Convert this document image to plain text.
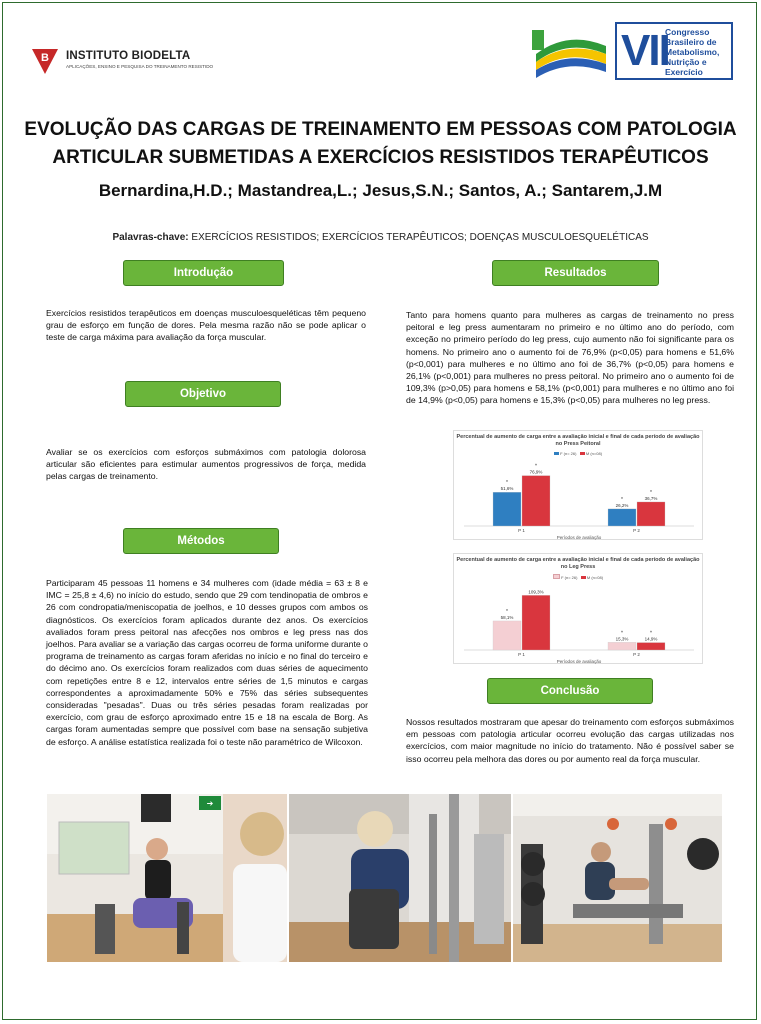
B INSTITUTO BIODELTA
APLICAÇÕES, ENSINO E PESQUISA DO TREINAMENTO RESISTIDO	VII
Congresso
Brasileiro de
Metabolismo,
Nutrição e
Exercício
EVOLUÇÃO DAS CARGAS DE TREINAMENTO EM PESSOAS COM PATOLOGIA ARTICULAR SUBMETIDAS A EXERCÍCIOS RESISTIDOS TERAPÊUTICOS
Bernardina,H.D.; Mastandrea,L.; Jesus,S.N.; Santos, A.; Santarem,J.M
Palavras-chave: EXERCÍCIOS RESISTIDOS; EXERCÍCIOS TERAPÊUTICOS; DOENÇAS MUSCULOESQUELÉTICAS
Introdução
Exercícios resistidos terapêuticos em doenças musculoesqueléticas têm pequeno grau de esforço em função de dores. Pela mesma razão não se pode aplicar o teste de carga máxima para avaliação da força muscular.
Objetivo
Avaliar se os exercícios com esforços submáximos com patologia dolorosa articular são eficientes para estimular aumentos progressivos de força, medida pelas cargas de treinamento.
Métodos
Participaram 45 pessoas 11 homens e 34 mulheres com (idade média = 63 ± 8 e IMC = 25,8 ± 4,6) no início do estudo, sendo que 29 com tendinopatia de ombros e 26 com condropatia/meniscopatia de joelhos, e 10 desses grupos com ambos os diagnósticos. Os exercícios foram aplicados durante dez anos. Os exercícios avaliados foram press peitoral nas afecções nos ombros e leg press nas dos joelhos. Para avaliar se a variação das cargas ocorreu de forma uniforme durante o programa de treinamento as cargas foram aferidas no início e no final do terceiro e do décimo ano. Os exercícios foram realizados com duas séries de aquecimento com repetições entre 8 e 12, intervalos entre séries de 1,5 minutos e cargas correspondentes a aproximadamente 50% e 75% das séries subsequentes consideradas "pesadas". Duas ou três séries pesadas foram realizadas por exercício, com grau de esforço aproximado entre 15 e 18 na escala de Borg. As cargas foram aumentadas sempre que possível com base na sensação subjetiva de esforço. A análise estatística realizada foi o teste não paramétrico de Wilcoxon.
Resultados
Tanto para homens quanto para mulheres as cargas de treinamento no press peitoral e leg press aumentaram no primeiro e no último ano do período, com exceção no primeiro período do leg press, cujo aumento não foi significante para os homens. No primeiro ano o aumento foi de 76,9% (p<0,05) para homens e 51,6% (p<0,001) para mulheres e no último ano foi de 36,7% (p<0,05) para homens e 26,1% (p<0,001) para mulheres no press peitoral. No primeiro ano o aumento foi de 109,3% (p>0,05) para homens e 58,1% (p<0,001) para mulheres e no último ano foi de 14,9% (p<0,05) para homens e 15,3% (p<0,05) para mulheres no leg press.
Percentual de aumento de carga entre a avaliação inicial e final de cada período de avaliação no Press Peitoral
F (n= 26) M (n=08)
51,6%
*
76,9%
*
P 1
26,2%
*	36,7%
*
P 2
Períodos de avaliação
Percentual de aumento de carga entre a avaliação inicial e final de cada período de avaliação no Leg Press
F (n= 26) M (n=08)
58,1%
*
109,3%
P 1
15,3%
*
14,9%
*
P 2
Períodos de avaliação
Conclusão
Nossos resultados mostraram que apesar do treinamento com esforços submáximos em pessoas com patologia articular ocorreu evolução das cargas utilizadas nos exercícios, com maior magnitude no início do tratamento. Não é possível saber se isso ocorreu pela melhora das dores ou por aumento real da força muscular.
➔
